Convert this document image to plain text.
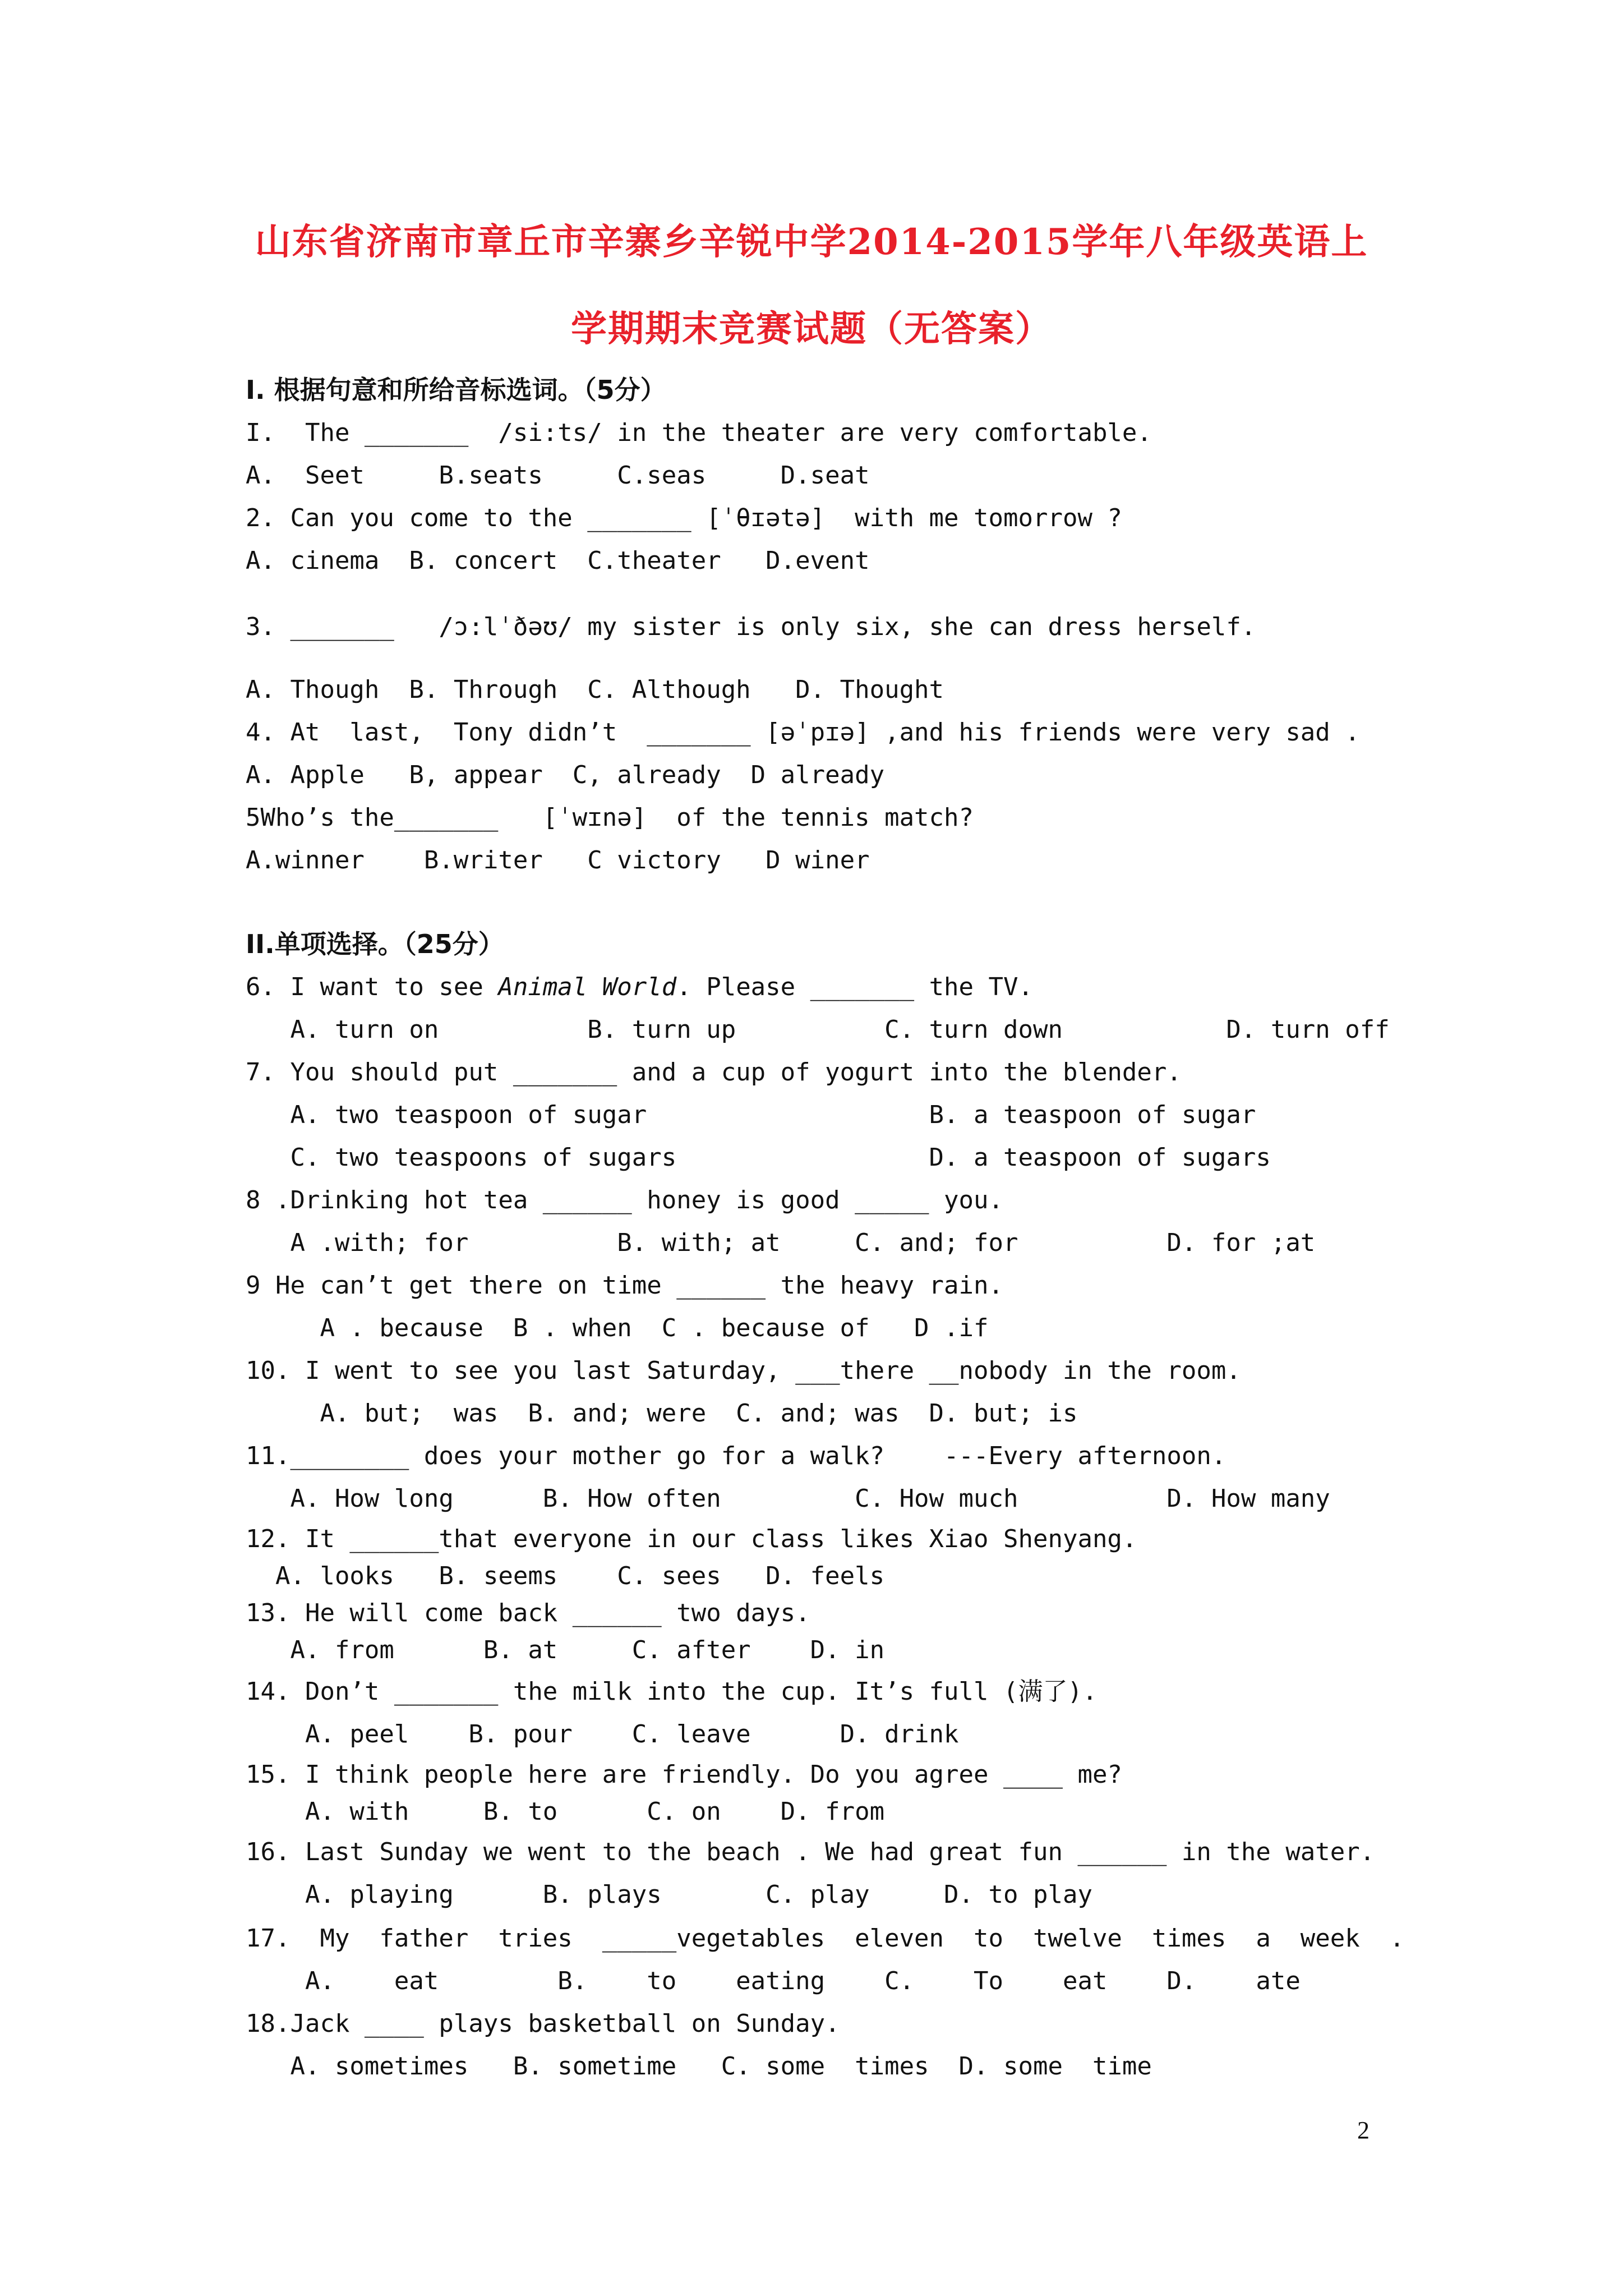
山东省济南市章丘市辛寨乡辛锐中学2014-2015学年八年级英语上
学期期末竞赛试题（无答案）
I. 根据句意和所给音标选词。（5分）
I.  The _______  /si:ts/ in the theater are very comfortable.
A.  Seet     B.seats     C.seas     D.seat
2. Can you come to the _______ [ˈθɪətə]  with me tomorrow ?
A. cinema  B. concert  C.theater   D.event
3. _______   /ɔ:lˈðəʊ/ my sister is only six, she can dress herself.
A. Though  B. Through  C. Although   D. Thought
4. At  last,  Tony didn’t  _______ [əˈpɪə] ,and his friends were very sad .
A. Apple   B, appear  C, already  D already
5Who’s the_______   [ˈwɪnə]  of the tennis match?
A.winner    B.writer   C victory   D winer
II.单项选择。（25分）
6. I want to see Animal World. Please _______ the TV.
A. turn on          B. turn up          C. turn down           D. turn off
7. You should put _______ and a cup of yogurt into the blender.
A. two teaspoon of sugar                   B. a teaspoon of sugar
C. two teaspoons of sugars                 D. a teaspoon of sugars
8 .Drinking hot tea ______ honey is good _____ you.
A .with; for          B. with; at     C. and; for          D. for ;at
9 He can’t get there on time ______ the heavy rain.
A . because  B . when  C . because of   D .if
10. I went to see you last Saturday, ___there __nobody in the room.
A. but;  was  B. and; were  C. and; was  D. but; is
11.________ does your mother go for a walk?    ---Every afternoon.
A. How long      B. How often         C. How much          D. How many
12. It ______that everyone in our class likes Xiao Shenyang.
A. looks   B. seems    C. sees   D. feels
13. He will come back ______ two days.
A. from      B. at     C. after    D. in
14. Don’t _______ the milk into the cup. It’s full (满了).
A. peel    B. pour    C. leave      D. drink
15. I think people here are friendly. Do you agree ____ me?
A. with     B. to      C. on    D. from
16. Last Sunday we went to the beach . We had great fun ______ in the water.
A. playing      B. plays       C. play     D. to play
17.  My  father  tries  _____vegetables  eleven  to  twelve  times  a  week  .
A.    eat        B.    to    eating    C.    To    eat    D.    ate
18.Jack ____ plays basketball on Sunday.
A. sometimes   B. sometime   C. some  times  D. some  time
2
